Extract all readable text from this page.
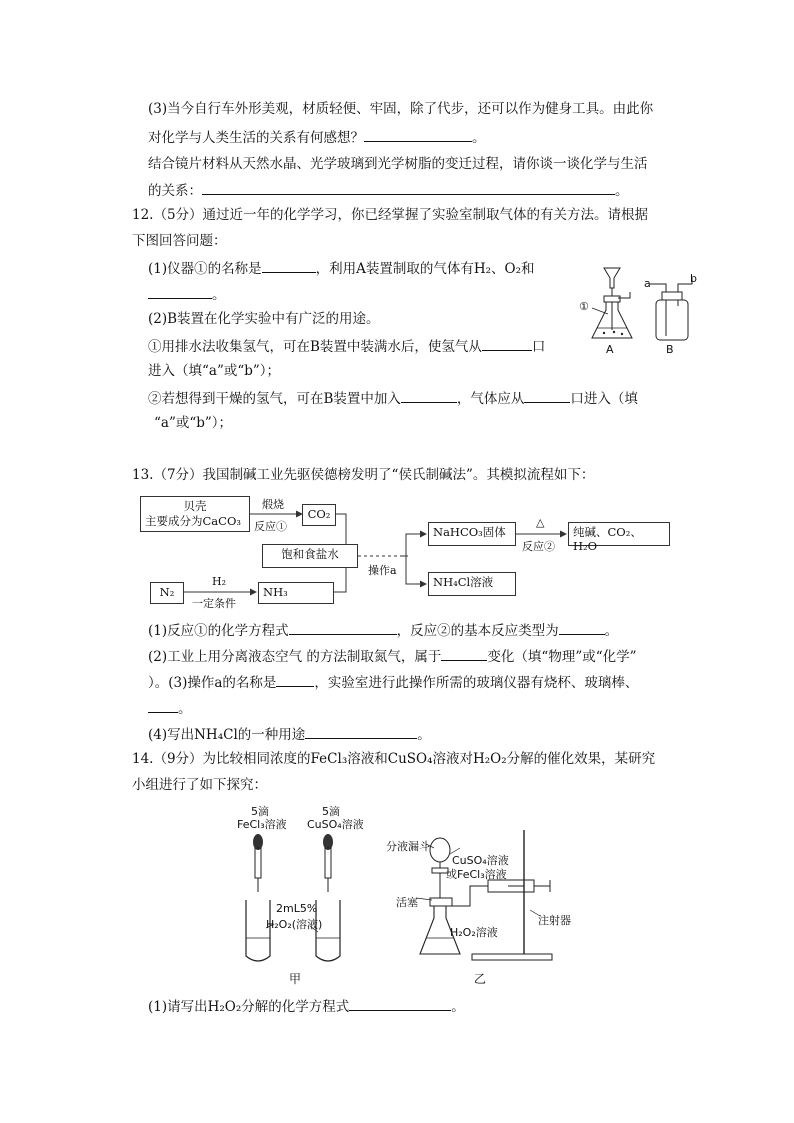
(3)当今自行车外形美观，材质轻便、牢固，除了代步，还可以作为健身工具。由此你
对化学与人类生活的关系有何感想？	。
结合镜片材料从天然水晶、光学玻璃到光学树脂的变迁过程，请你谈一谈化学与生活
的关系：	。
12.（5分）通过近一年的化学学习，你已经掌握了实验室制取气体的有关方法。请根据
下图回答问题：
(1)仪器①的名称是	，利用A装置制取的气体有H₂、O₂和
。
(2)B装置在化学实验中有广泛的用途。
①用排水法收集氢气，可在B装置中装满水后，使氢气从	口
进入（填“a”或“b”）；
②若想得到干燥的氢气，可在B装置中加入	，气体应从	口进入（填
“a”或“b”）；
①
A	B
a	b
13.（7分）我国制碱工业先驱侯德榜发明了“侯氏制碱法”。其模拟流程如下：
贝壳
主要成分为CaCO₃
煅烧
反应①
CO₂
饱和食盐水
N₂
H₂
一定条件
NH₃
操作a
NaHCO₃固体
△
反应②
纯碱、CO₂、H₂O
NH₄Cl溶液
(1)反应①的化学方程式	，反应②的基本反应类型为	。
(2)工业上用分离液态空气 的方法制取氮气，属于	变化（填“物理”或“化学”
）。(3)操作a的名称是	，实验室进行此操作所需的玻璃仪器有烧杯、玻璃棒、
。
(4)写出NH₄Cl的一种用途	。
14.（9分）为比较相同浓度的FeCl₃溶液和CuSO₄溶液对H₂O₂分解的催化效果，某研究
小组进行了如下探究：
5滴
FeCl₃溶液
5滴
CuSO₄溶液
2mL5%
H₂O₂(溶液)
甲
分液漏斗
CuSO₄溶液
或FeCl₃溶液
活塞
注射器
H₂O₂溶液
乙
(1)请写出H₂O₂分解的化学方程式	。
